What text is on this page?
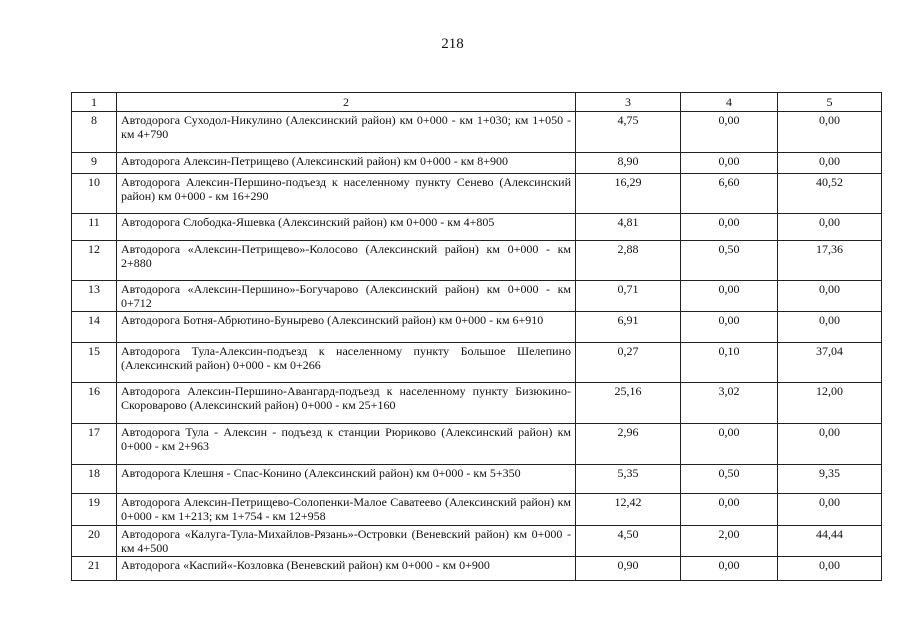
218
1	2	3	4	5
8	Автодорога Суходол-Никулино (Алексинский район) км 0+000 - км 1+030; км 1+050 - км 4+790	4,75	0,00	0,00
9	Автодорога Алексин-Петрищево (Алексинский район) км 0+000 - км 8+900	8,90	0,00	0,00
10	Автодорога Алексин-Першино-подъезд к населенному пункту Сенево (Алексинский район) км 0+000 - км 16+290	16,29	6,60	40,52
11	Автодорога Слободка-Яшевка (Алексинский район) км 0+000 - км 4+805	4,81	0,00	0,00
12	Автодорога «Алексин-Петрищево»-Колосово (Алексинский район) км 0+000 - км 2+880	2,88	0,50	17,36
13	Автодорога «Алексин-Першино»-Богучарово (Алексинский район) км 0+000 - км 0+712	0,71	0,00	0,00
14	Автодорога Ботня-Абрютино-Бунырево (Алексинский район) км 0+000 - км 6+910	6,91	0,00	0,00
15	Автодорога Тула-Алексин-подъезд к населенному пункту Большое Шелепино (Алексинский район) 0+000 - км 0+266	0,27	0,10	37,04
16	Автодорога Алексин-Першино-Авангард-подъезд к населенному пункту Бизюкино-Скороварово (Алексинский район) 0+000 - км 25+160	25,16	3,02	12,00
17	Автодорога Тула - Алексин - подъезд к станции Рюриково (Алексинский район) км 0+000 - км 2+963	2,96	0,00	0,00
18	Автодорога Клешня - Спас-Конино (Алексинский район) км 0+000 - км 5+350	5,35	0,50	9,35
19	Автодорога Алексин-Петрищево-Солопенки-Малое Саватеево (Алексинский район) км 0+000 - км 1+213; км 1+754 - км 12+958	12,42	0,00	0,00
20	Автодорога «Калуга-Тула-Михайлов-Рязань»-Островки (Веневский район) км 0+000 - км 4+500	4,50	2,00	44,44
21	Автодорога «Каспий«-Козловка (Веневский район) км 0+000 - км 0+900	0,90	0,00	0,00
